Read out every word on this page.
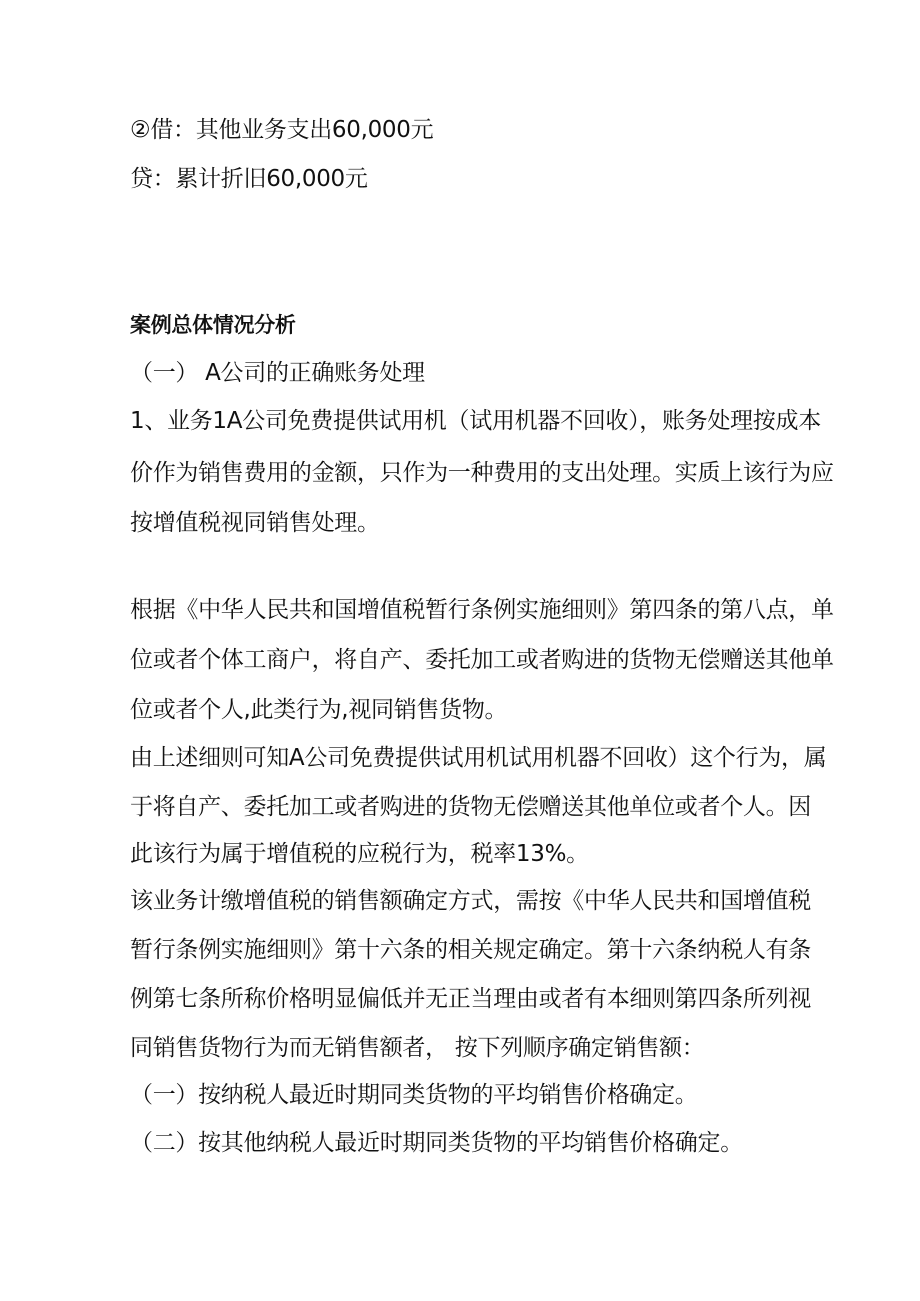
②借：其他业务支出60,000元
贷：累计折旧60,000元
案例总体情况分析
（一） A公司的正确账务处理
1、业务1A公司免费提供试用机（试用机器不回收），账务处理按成本
价作为销售费用的金额，只作为一种费用的支出处理。实质上该行为应
按增值税视同销售处理。
根据《中华人民共和国增值税暂行条例实施细则》第四条的第八点，单
位或者个体工商户，将自产、委托加工或者购进的货物无偿赠送其他单
位或者个人,此类行为,视同销售货物。
由上述细则可知A公司免费提供试用机试用机器不回收）这个行为，属
于将自产、委托加工或者购进的货物无偿赠送其他单位或者个人。因
此该行为属于增值税的应税行为，税率13%。
该业务计缴增值税的销售额确定方式，需按《中华人民共和国增值税
暂行条例实施细则》第十六条的相关规定确定。第十六条纳税人有条
例第七条所称价格明显偏低并无正当理由或者有本细则第四条所列视
同销售货物行为而无销售额者， 按下列顺序确定销售额：
（一）按纳税人最近时期同类货物的平均销售价格确定。
（二）按其他纳税人最近时期同类货物的平均销售价格确定。
